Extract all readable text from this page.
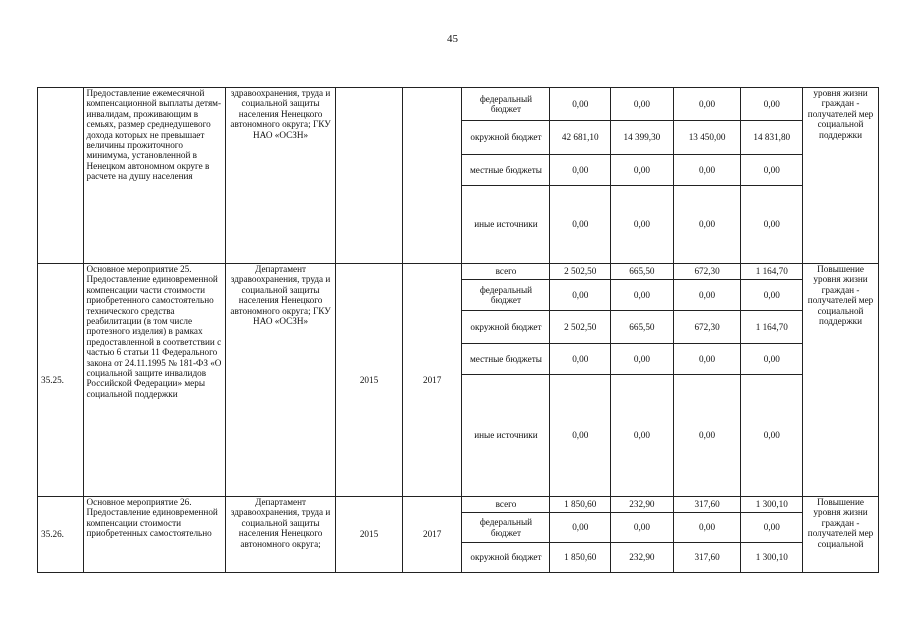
45
	Предоставление ежемесячной компенсационной выплаты детям-инвалидам, проживающим в семьях, размер среднедушевого дохода которых не превышает величины прожиточного минимума, установленной в Ненецком автономном округе в расчете на душу населения	здравоохранения, труда и социальной защиты населения Ненецкого автономного округа; ГКУ НАО «ОСЗН»			федеральный бюджет	0,00	0,00	0,00	0,00	уровня жизни граждан - получателей мер социальной поддержки
					окружной бюджет	42 681,10	14 399,30	13 450,00	14 831,80	
					местные бюджеты	0,00	0,00	0,00	0,00	
					иные источники	0,00	0,00	0,00	0,00	
35.25.	Основное мероприятие 25. Предоставление единовременной компенсации части стоимости приобретенного самостоятельно технического средства реабилитации (в том числе протезного изделия) в рамках предоставленной в соответствии с частью 6 статьи 11 Федерального закона от 24.11.1995 № 181-ФЗ «О социальной защите инвалидов Российской Федерации» меры социальной поддержки	Департамент здравоохранения, труда и социальной защиты населения Ненецкого автономного округа; ГКУ НАО «ОСЗН»	2015	2017	всего	2 502,50	665,50	672,30	1 164,70	Повышение уровня жизни граждан - получателей мер социальной поддержки
					федеральный бюджет	0,00	0,00	0,00	0,00	
					окружной бюджет	2 502,50	665,50	672,30	1 164,70	
					местные бюджеты	0,00	0,00	0,00	0,00	
					иные источники	0,00	0,00	0,00	0,00	
35.26.	Основное мероприятие 26. Предоставление единовременной компенсации стоимости приобретенных самостоятельно	Департамент здравоохранения, труда и социальной защиты населения Ненецкого автономного округа;	2015	2017	всего	1 850,60	232,90	317,60	1 300,10	Повышение уровня жизни граждан - получателей мер социальной
					федеральный бюджет	0,00	0,00	0,00	0,00	
					окружной бюджет	1 850,60	232,90	317,60	1 300,10	
